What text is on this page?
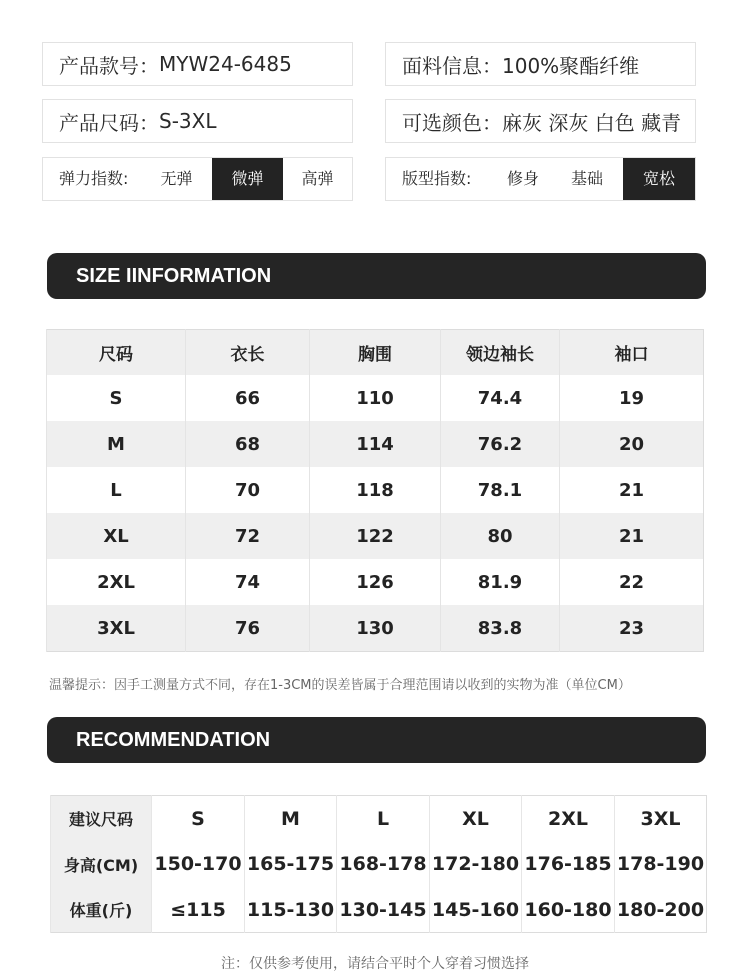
产品款号： MYW24-6485	面料信息： 100%聚酯纤维
产品尺码： S-3XL	可选颜色： 麻灰 深灰 白色 藏青
弹力指数:	无弹	微弹	高弹	版型指数:	修身	基础	宽松
SIZE IINFORMATION
尺码	衣长	胸围	领边袖长	袖口
S	66	110	74.4	19
M	68	114	76.2	20
L	70	118	78.1	21
XL	72	122	80	21
2XL	74	126	81.9	22
3XL	76	130	83.8	23
温馨提示：因手工测量方式不同，存在1-3CM的误差皆属于合理范围请以收到的实物为准（单位CM）
RECOMMENDATION
建议尺码	S	M	L	XL	2XL	3XL
身高(CM)	150-170	165-175	168-178	172-180	176-185	178-190
体重(斤)	≤115	115-130	130-145	145-160	160-180	180-200
注：仅供参考使用，请结合平时个人穿着习惯选择
